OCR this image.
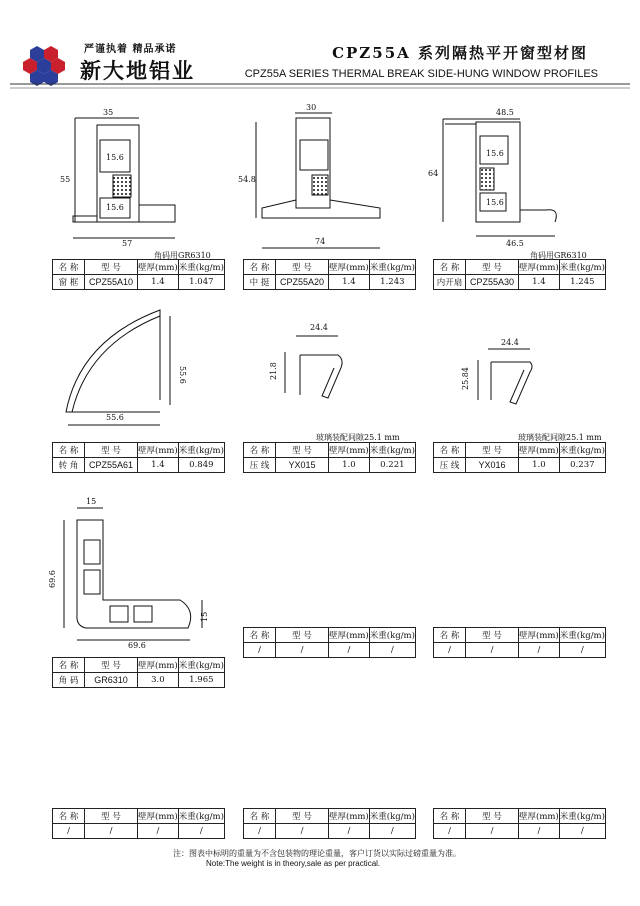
35
55
15.6
15.6
57
30
54.8
74
48.5
64
15.6
15.6
46.5
55.6
55.6
24.4
21.8
24.4
25.84
15
69.6
69.6
15
严谨执着 精品承诺
新大地铝业
CPZ55A 系列隔热平开窗型材图
CPZ55A SERIES THERMAL BREAK SIDE-HUNG WINDOW PROFILES
角码用GR6310	角码用GR6310
玻璃装配间隙25.1 mm	玻璃装配间隙25.1 mm
名 称	型 号	壁厚(mm)	米重(kg/m)
窗 框	CPZ55A10	1.4	1.047
名 称	型 号	壁厚(mm)	米重(kg/m)
中 挺	CPZ55A20	1.4	1.243
名 称	型 号	壁厚(mm)	米重(kg/m)
内开扇	CPZ55A30	1.4	1.245
名 称	型 号	壁厚(mm)	米重(kg/m)
转 角	CPZ55A61	1.4	0.849
名 称	型 号	壁厚(mm)	米重(kg/m)
压 线	YX015	1.0	0.221
名 称	型 号	壁厚(mm)	米重(kg/m)
压 线	YX016	1.0	0.237
名 称	型 号	壁厚(mm)	米重(kg/m)
角 码	GR6310	3.0	1.965
名 称	型 号	壁厚(mm)	米重(kg/m)
/	/	/	/
名 称	型 号	壁厚(mm)	米重(kg/m)
/	/	/	/
名 称	型 号	壁厚(mm)	米重(kg/m)
/	/	/	/
名 称	型 号	壁厚(mm)	米重(kg/m)
/	/	/	/
名 称	型 号	壁厚(mm)	米重(kg/m)
/	/	/	/
注：图表中标明的重量为不含包装物的理论重量，客户订货以实际过磅重量为准。
Note:The weight is in theory,sale as per practical.
